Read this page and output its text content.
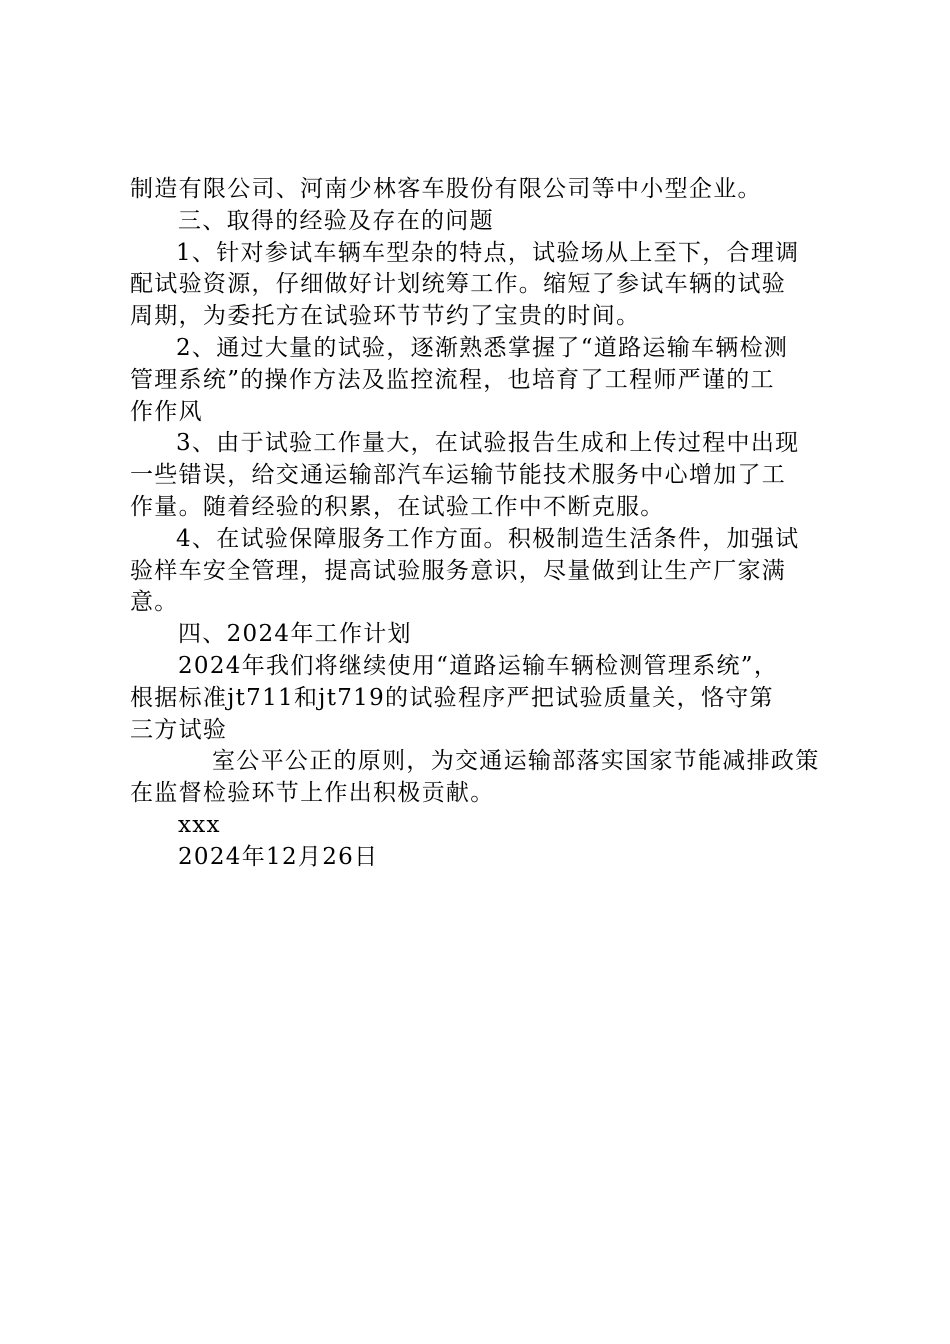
制造有限公司、河南少林客车股份有限公司等中小型企业。
三、取得的经验及存在的问题
1、针对参试车辆车型杂的特点，试验场从上至下，合理调
配试验资源，仔细做好计划统筹工作。缩短了参试车辆的试验
周期，为委托方在试验环节节约了宝贵的时间。
2、通过大量的试验，逐渐熟悉掌握了“道路运输车辆检测
管理系统”的操作方法及监控流程，也培育了工程师严谨的工
作作风
3、由于试验工作量大，在试验报告生成和上传过程中出现
一些错误，给交通运输部汽车运输节能技术服务中心增加了工
作量。随着经验的积累，在试验工作中不断克服。
4、在试验保障服务工作方面。积极制造生活条件，加强试
验样车安全管理，提高试验服务意识，尽量做到让生产厂家满
意。
四、2024年工作计划
2024年我们将继续使用“道路运输车辆检测管理系统”，
根据标准jt711和jt719的试验程序严把试验质量关，恪守第
三方试验
室公平公正的原则，为交通运输部落实国家节能减排政策
在监督检验环节上作出积极贡献。
xxx
2024年12月26日
